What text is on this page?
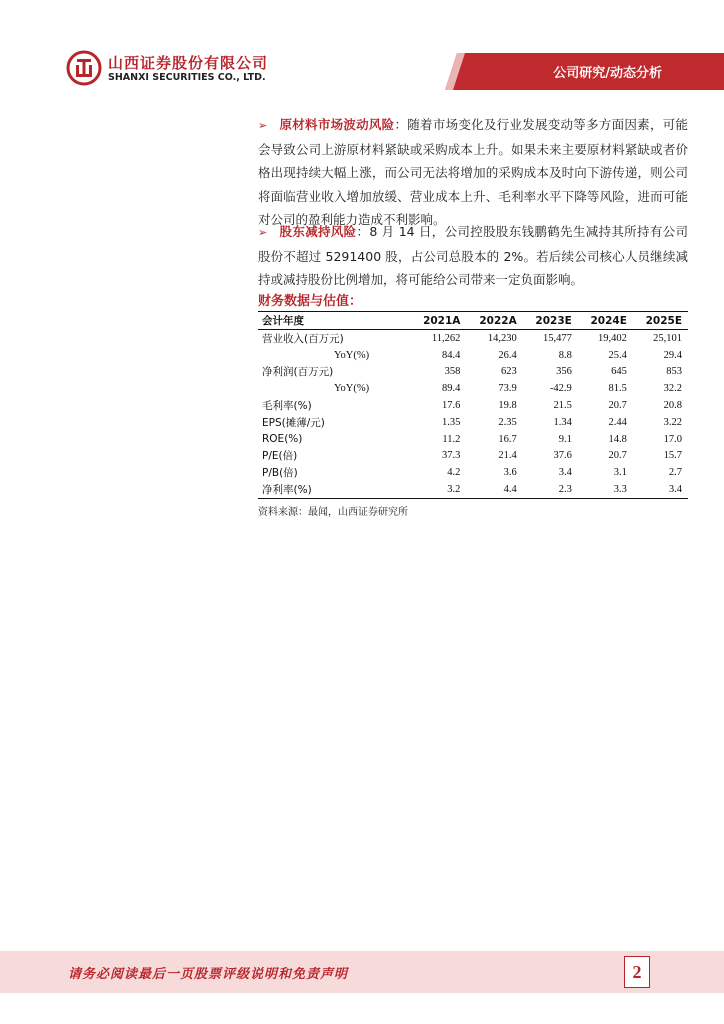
山西证券股份有限公司
SHANXI SECURITIES CO., LTD.	公司研究/动态分析
➢ 原材料市场波动风险：随着市场变化及行业发展变动等多方面因素，可能会导致公司上游原材料紧缺或采购成本上升。如果未来主要原材料紧缺或者价格出现持续大幅上涨，而公司无法将增加的采购成本及时向下游传递，则公司将面临营业收入增加放缓、营业成本上升、毛利率水平下降等风险，进而可能对公司的盈利能力造成不利影响。
➢ 股东减持风险：8 月 14 日，公司控股股东钱鹏鹤先生减持其所持有公司股份不超过 5291400 股，占公司总股本的 2%。若后续公司核心人员继续减持或减持股份比例增加，将可能给公司带来一定负面影响。
财务数据与估值：
会计年度	2021A	2022A	2023E	2024E	2025E
营业收入(百万元)	11,262	14,230	15,477	19,402	25,101
YoY(%)	84.4	26.4	8.8	25.4	29.4
净利润(百万元)	358	623	356	645	853
YoY(%)	89.4	73.9	-42.9	81.5	32.2
毛利率(%)	17.6	19.8	21.5	20.7	20.8
EPS(摊薄/元)	1.35	2.35	1.34	2.44	3.22
ROE(%)	11.2	16.7	9.1	14.8	17.0
P/E(倍)	37.3	21.4	37.6	20.7	15.7
P/B(倍)	4.2	3.6	3.4	3.1	2.7
净利率(%)	3.2	4.4	2.3	3.3	3.4
资料来源：最闻，山西证券研究所
请务必阅读最后一页股票评级说明和免责声明	2
